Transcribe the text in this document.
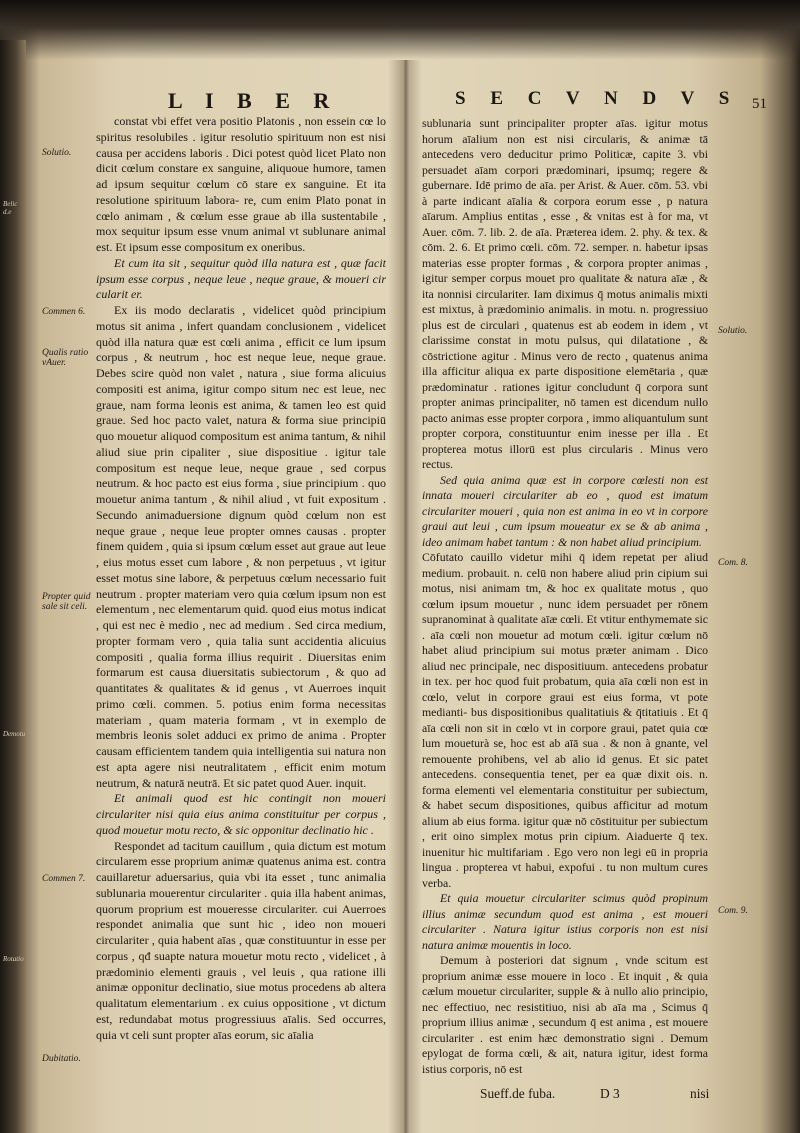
Belic d.e
Demotu
Rotatio
L I B E R	S E C V N D V S 51
Solutio.
Commen 6.
Qualis ratio vAuer.
Propter quid sale sit celi.
Commen 7.
Dubitatio.
Solutio.
Com. 8.
Com. 9.

constat vbi effet vera positio Platonis , non essein cœ lo spiritus resolubiles . igitur resolutio spirituum non est nisi causa per accidens laboris . Dici potest quòd licet Plato non dicit cœlum constare ex sanguine, aliquoue humore, tamen ad ipsum sequitur cœlum cō stare ex sanguine. Et ita resolutione spirituum labora- re, cum enim Plato ponat in cœlo animam , & cœlum esse graue ab illa sustentabile , mox sequitur ipsum esse vnum animal vt sublunare animal est. Et ipsum esse compositum ex oneribus.

Et cum ita sit , sequitur quòd illa natura est , quæ facit ipsum esse corpus , neque leue , neque graue, & moueri cir cularit er.

Ex iis modo declaratis , videlicet quòd principium motus sit anima , infert quandam conclusionem , videlicet quòd illa natura quæ est cœli anima , efficit ce lum ipsum corpus , & neutrum , hoc est neque leue, neque graue. Debes scire quòd non valet , natura , siue forma alicuius compositi est anima, igitur compo situm nec est leue, nec graue, nam forma leonis est anima, & tamen leo est quid graue. Sed hoc pacto valet, natura & forma siue principiū quo mouetur aliquod compositum est anima tantum, & nihil aliud siue prin cipaliter , siue dispositiue . igitur tale compositum est neque leue, neque graue , sed corpus neutrum. & hoc pacto est eius forma , siue principium . quo mouetur anima tantum , & nihil aliud , vt fuit expositum . Secundo animaduersione dignum quòd cœlum non est neque graue , neque leue propter omnes causas . propter finem quidem , quia si ipsum cœlum esset aut graue aut leue , eius motus esset cum labore , & non perpetuus , vt igitur esset motus sine labore, & perpetuus cœlum necessario fuit neutrum . propter materiam vero quia cœlum ipsum non est elementum , nec elementarum quid. quod eius motus indicat , qui est nec è medio , nec ad medium . Sed circa medium, propter formam vero , quia talia sunt accidentia alicuius compositi , qualia forma illius requirit . Diuersitas enim formarum est causa diuersitatis subiectorum , & quo ad quantitates & qualitates & id genus , vt Auerroes inquit primo cœli. commen. 5. potius enim forma necessitas materiam , quam materia formam , vt in exemplo de membris leonis solet adduci ex primo de anima . Propter causam efficientem tandem quia intelligentia sui natura non est apta agere nisi neutralitatem , efficit enim motum neutrum, & naturā neutrā. Et sic patet quod Auer. inquit.

Et animali quod est hic contingit non moueri circulariter nisi quia eius anima constituitur per corpus , quod mouetur motu recto, & sic opponitur declinatio hic .

Respondet ad tacitum cauillum , quia dictum est motum circularem esse proprium animæ quatenus anima est. contra cauillaretur aduersarius, quia vbi ita esset , tunc animalia sublunaria mouerentur circulariter . quia illa habent animas, quorum proprium est moueresse circulariter. cui Auerroes respondet animalia que sunt hic , ideo non moueri circulariter , quia habent aīas , quæ constituuntur in esse per corpus , qđ suapte natura mouetur motu recto , videlicet , à prædominio elementi grauis , vel leuis , qua ratione illi animæ opponitur declinatio, siue motus procedens ab altera qualitatum elementarium . ex cuius oppositione , vt dictum est, redundabat motus progressiuus aīalis. Sed occurres, quia vt celi sunt propter aīas eorum, sic aīalia

sublunaria sunt principaliter propter aīas. igitur motus horum aīalium non est nisi circularis, & animæ tā antecedens vero deducitur primo Politicæ, capite 3. vbi persuadet aīam corpori prædominari, ipsumq; regere & gubernare. Idē primo de aīa. per Arist. & Auer. cōm. 53. vbi à parte indicant aīalia & corpora eorum esse , p natura aīarum. Amplius entitas , esse , & vnitas est à for ma, vt Auer. cōm. 7. lib. 2. de aīa. Præterea idem. 2. phy. & tex. & cōm. 2. 6. Et primo cœli. cōm. 72. semper. n. habetur ipsas materias esse propter formas , & corpora propter animas , igitur semper corpus mouet pro qualitate & natura aīæ , & ita nonnisi circulariter. Iam diximus q̄ motus animalis mixti est mixtus, à prædominio animalis. in motu. n. progressiuo plus est de circulari , quatenus est ab eodem in idem , vt clarissime constat in motu pulsus, qui dilatatione , & cōstrictione agitur . Minus vero de recto , quatenus anima illa afficitur aliqua ex parte dispositione elemētaria , quæ prædominatur . rationes igitur concludunt q̄ corpora sunt propter animas principaliter, nō tamen est dicendum nullo pacto animas esse propter corpora , immo aliquantulum sunt propter corpora, constituuntur enim inesse per illa . Et propterea motus illorū est plus circularis . Minus vero rectus.

Sed quia anima quæ est in corpore cœlesti non est innata moueri circulariter ab eo , quod est imatum circulariter moueri , quia non est anima in eo vt in corpore graui aut leui , cum ipsum moueatur ex se & ab anima , ideo animam habet tantum : & non habet aliud principium.

Cōfutato cauillo videtur mihi q̄ idem repetat per aliud medium. probauit. n. celū non habere aliud prin cipium sui motus, nisi animam tm, & hoc ex qualitate motus , quo cœlum ipsum mouetur , nunc idem persuadet per rōnem supranominat à qualitate aīæ cœli. Et vtitur enthymemate sic . aīa cœli non mouetur ad motum cœli. igitur cœlum nō habet aliud principium sui motus præter animam . Dico aliud nec principale, nec dispositiuum. antecedens probatur in tex. per hoc quod fuit probatum, quia aīa cœli non est in cœlo, velut in corpore graui est eius forma, vt pote medianti- bus dispositionibus qualitatiuis & q̄titatiuis . Et q̄ aīa cœli non sit in cœlo vt in corpore graui, patet quia cœ lum moueturà se, hoc est ab aīā sua . & non à gnante, vel remouente prohibens, vel ab alio id genus. Et sic patet antecedens. consequentia tenet, per ea quæ dixit ois. n. forma elementi vel elementaria constituitur per subiectum, & habet secum dispositiones, quibus afficitur ad motum alium ab eius forma. igitur quæ nō cōstituitur per subiectum , erit oino simplex motus prin cipium. Aiaduerte q̄ tex. inuenitur hic multifariam . Ego vero non legi eū in propria lingua . propterea vt habui, expofui . tu non multum cures verba.

Et quia mouetur circulariter scimus quòd propinum illius animæ secundum quod est anima , est moueri circulariter . Natura igitur istius corporis non est nisi natura animæ mouentis in loco.

Demum à posteriori dat signum , vnde scitum est proprium animæ esse mouere in loco . Et inquit , & quia cælum mouetur circulariter, supple & à nullo alio principio, nec effectiuo, nec resistitiuo, nisi ab aīa ma , Scimus q̄ proprium illius animæ , secundum q̄ est anima , est mouere circulariter . est enim hæc demonstratio signi . Demum epylogat de forma cœli, & ait, natura igitur, idest forma istius corporis, nō est

Sueff.de fuba.	D 3	nisi
